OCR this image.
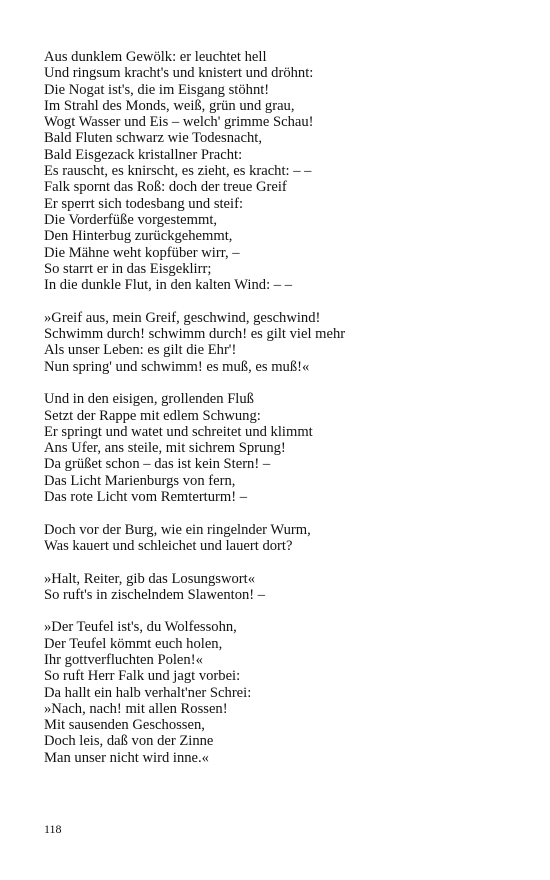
Aus dunklem Gewölk: er leuchtet hell
Und ringsum kracht's und knistert und dröhnt:
Die Nogat ist's, die im Eisgang stöhnt!
Im Strahl des Monds, weiß, grün und grau,
Wogt Wasser und Eis – welch' grimme Schau!
Bald Fluten schwarz wie Todesnacht,
Bald Eisgezack kristallner Pracht:
Es rauscht, es knirscht, es zieht, es kracht: – –
Falk spornt das Roß: doch der treue Greif
Er sperrt sich todesbang und steif:
Die Vorderfüße vorgestemmt,
Den Hinterbug zurückgehemmt,
Die Mähne weht kopfüber wirr, –
So starrt er in das Eisgeklirr;
In die dunkle Flut, in den kalten Wind: – –
»Greif aus, mein Greif, geschwind, geschwind!
Schwimm durch! schwimm durch! es gilt viel mehr
Als unser Leben: es gilt die Ehr'!
Nun spring' und schwimm! es muß, es muß!«
Und in den eisigen, grollenden Fluß
Setzt der Rappe mit edlem Schwung:
Er springt und watet und schreitet und klimmt
Ans Ufer, ans steile, mit sichrem Sprung!
Da grüßet schon – das ist kein Stern! –
Das Licht Marienburgs von fern,
Das rote Licht vom Remterturm! –
Doch vor der Burg, wie ein ringelnder Wurm,
Was kauert und schleichet und lauert dort?
»Halt, Reiter, gib das Losungswort«
So ruft's in zischelndem Slawenton! –
»Der Teufel ist's, du Wolfessohn,
Der Teufel kömmt euch holen,
Ihr gottverfluchten Polen!«
So ruft Herr Falk und jagt vorbei:
Da hallt ein halb verhalt'ner Schrei:
»Nach, nach! mit allen Rossen!
Mit sausenden Geschossen,
Doch leis, daß von der Zinne
Man unser nicht wird inne.«
118
